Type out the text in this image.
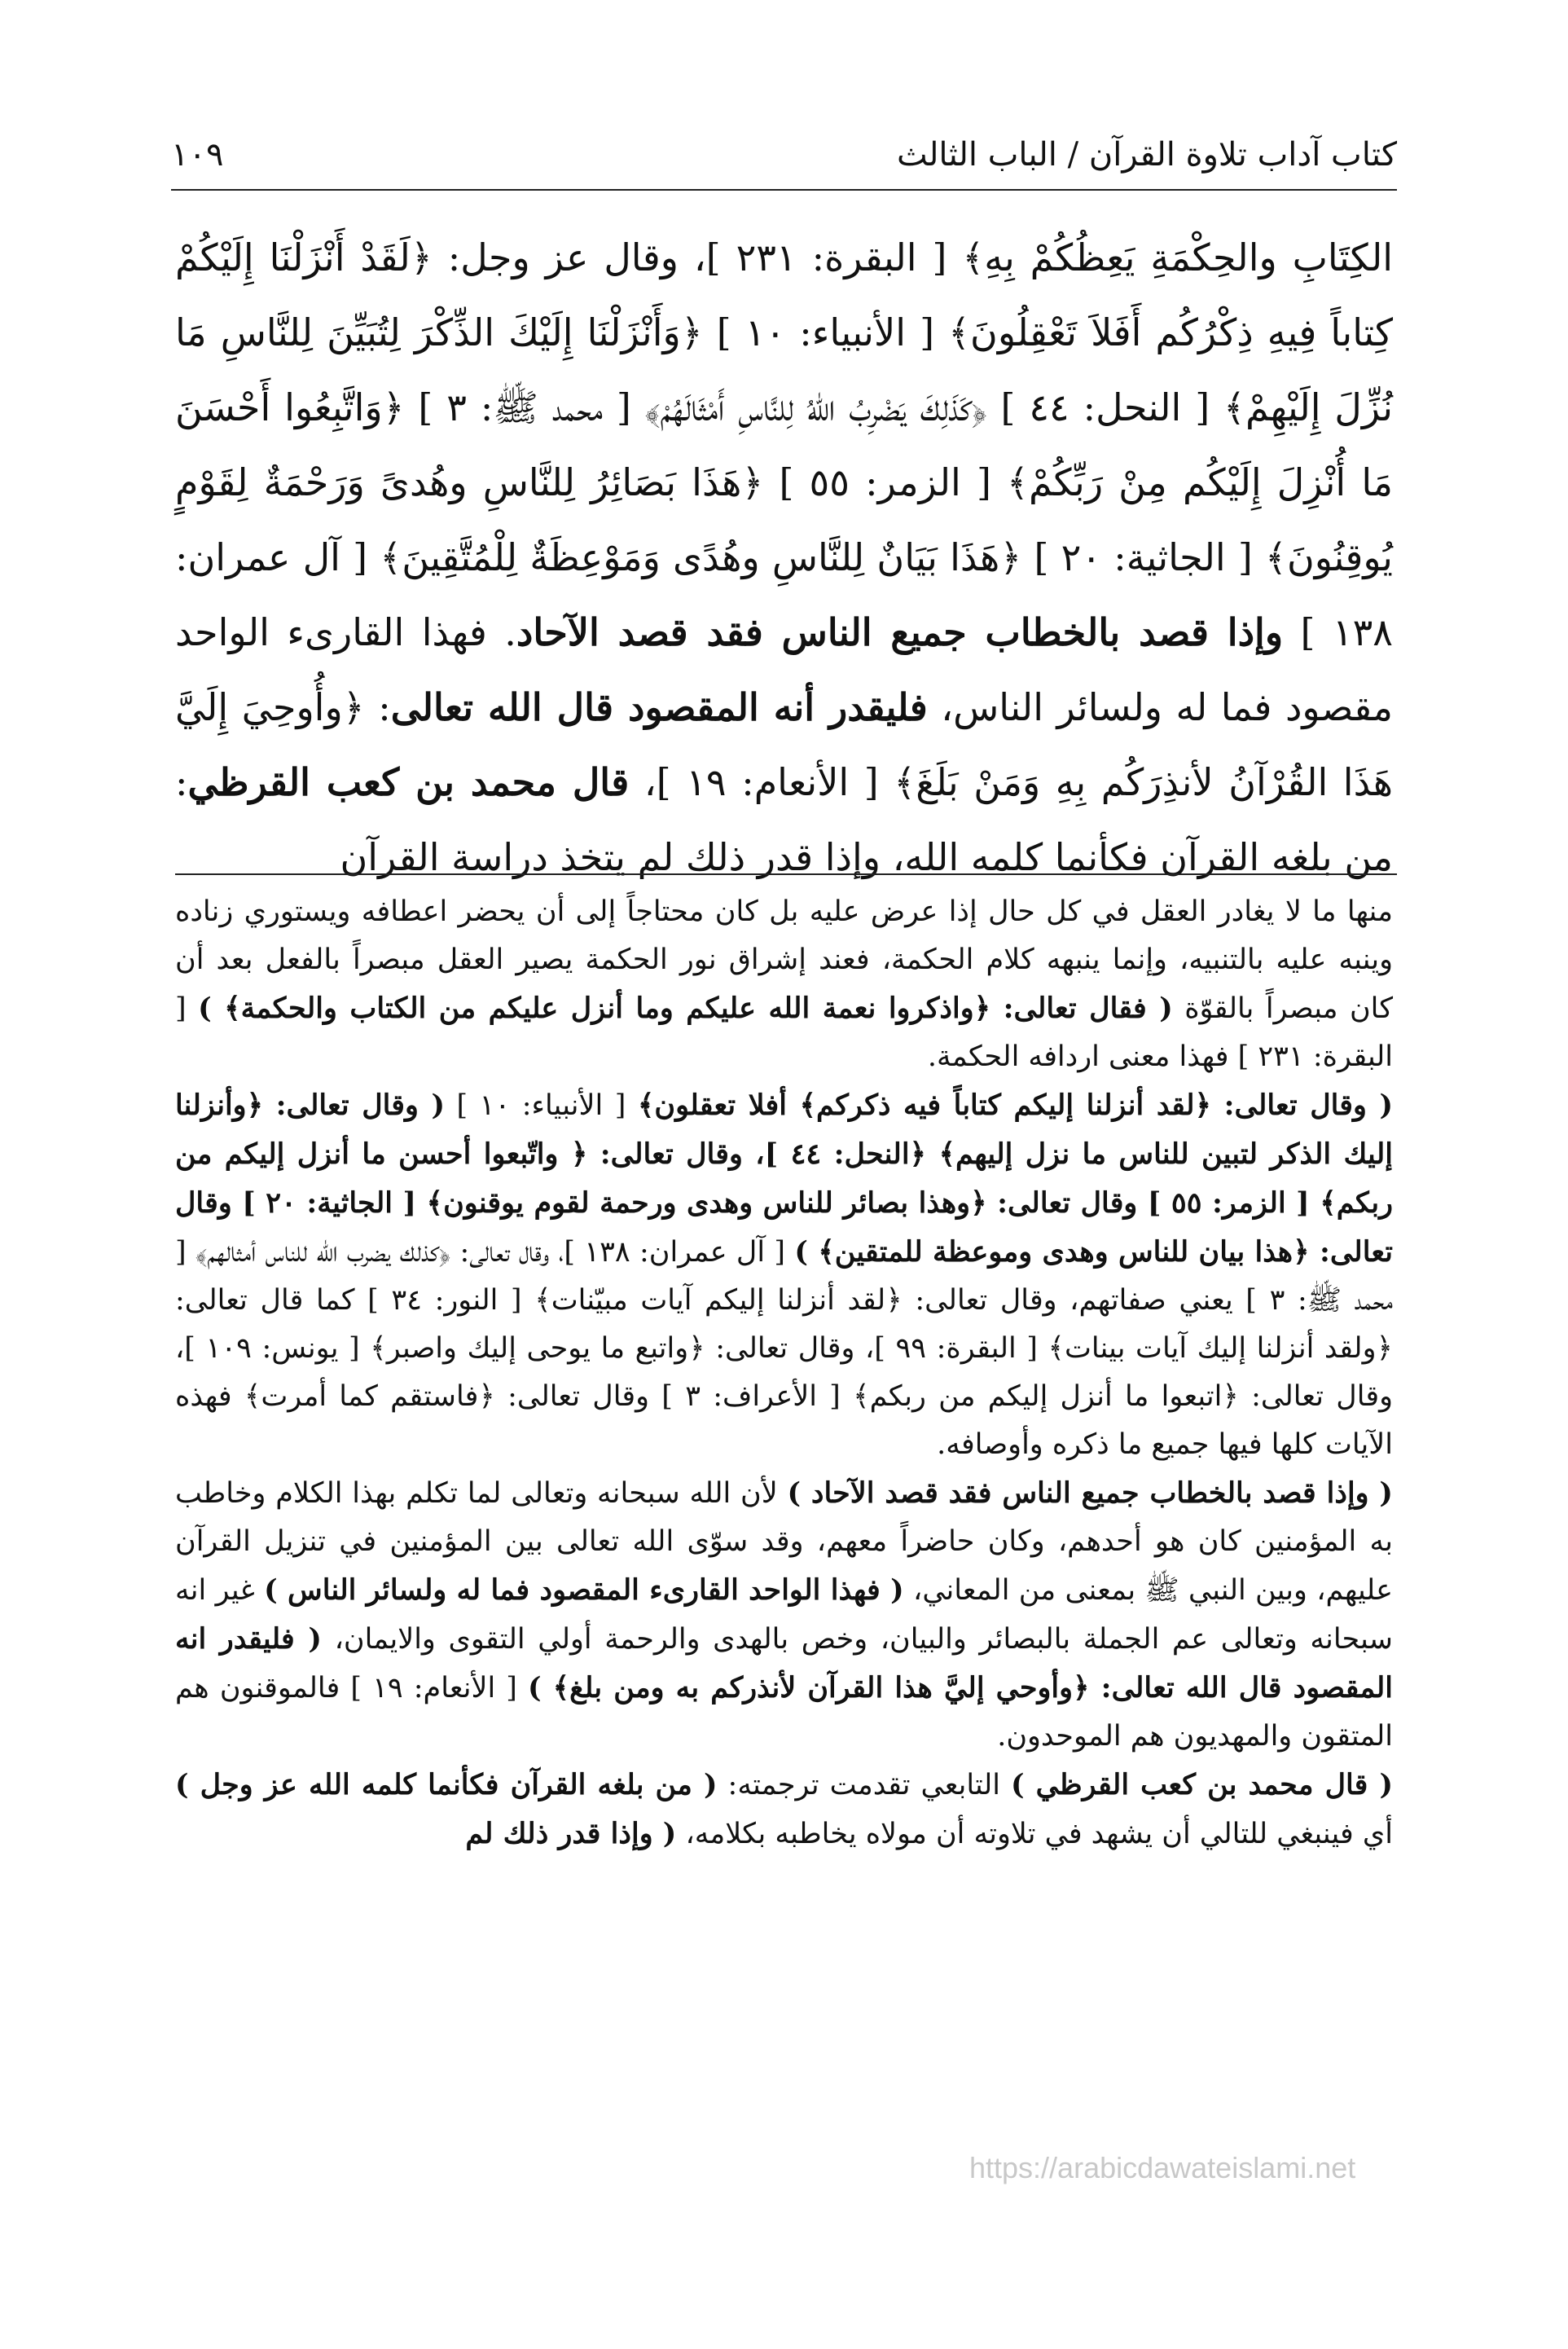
كتاب آداب تلاوة القرآن / الباب الثالث
١٠٩

الكِتَابِ والحِكْمَةِ يَعِظُكُمْ بِهِ﴾ [ البقرة: ٢٣١ ]، وقال عز وجل: ﴿لَقَدْ أَنْزَلْنَا إِلَيْكُمْ كِتاباً فِيهِ ذِكْرُكُم أَفَلاَ تَعْقِلُونَ﴾ [ الأنبياء: ١٠ ] ﴿وَأَنْزَلْنَا إِلَيْكَ الذِّكْرَ لِتُبَيِّنَ لِلنَّاسِ مَا نُزِّلَ إِلَيْهِمْ﴾ [ النحل: ٤٤ ] ﴿كَذَلِكَ يَضْرِبُ اللهُ لِلنَّاسِ أَمْثَالَهُمْ﴾ [ محمد ﷺ: ٣ ] ﴿وَاتَّبِعُوا أَحْسَنَ مَا أُنْزِلَ إِلَيْكُم مِنْ رَبِّكُمْ﴾ [ الزمر: ٥٥ ] ﴿هَذَا بَصَائِرُ لِلنَّاسِ وهُدىً وَرَحْمَةٌ لِقَوْمٍ يُوقِنُونَ﴾ [ الجاثية: ٢٠ ] ﴿هَذَا بَيَانٌ لِلنَّاسِ وهُدًى وَمَوْعِظَةٌ لِلْمُتَّقِينَ﴾ [ آل عمران: ١٣٨ ] وإذا قصد بالخطاب جميع الناس فقد قصد الآحاد. فهذا القارىء الواحد مقصود فما له ولسائر الناس، فليقدر أنه المقصود قال الله تعالى: ﴿وأُوحِيَ إِلَيَّ هَذَا القُرْآنُ لأنذِرَكُم بِهِ وَمَنْ بَلَغَ﴾ [ الأنعام: ١٩ ]، قال محمد بن كعب القرظي: من بلغه القرآن فكأنما كلمه الله، وإذا قدر ذلك لم يتخذ دراسة القرآن

منها ما لا يغادر العقل في كل حال إذا عرض عليه بل كان محتاجاً إلى أن يحضر اعطافه ويستوري زناده وينبه عليه بالتنبيه، وإنما ينبهه كلام الحكمة، فعند إشراق نور الحكمة يصير العقل مبصراً بالفعل بعد أن كان مبصراً بالقوّة ( فقال تعالى: ﴿واذكروا نعمة الله عليكم وما أنزل عليكم من الكتاب والحكمة﴾ ) [ البقرة: ٢٣١ ] فهذا معنى اردافه الحكمة.

( وقال تعالى: ﴿لقد أنزلنا إليكم كتاباً فيه ذكركم﴾ أفلا تعقلون﴾ [ الأنبياء: ١٠ ] ( وقال تعالى: ﴿وأنزلنا إليك الذكر لتبين للناس ما نزل إليهم﴾ ﴿النحل: ٤٤ ]، وقال تعالى: ﴿ واتّبعوا أحسن ما أنزل إليكم من ربكم﴾ [ الزمر: ٥٥ ] وقال تعالى: ﴿وهذا بصائر للناس وهدى ورحمة لقوم يوقنون﴾ [ الجاثية: ٢٠ ] وقال تعالى: ﴿هذا بيان للناس وهدى وموعظة للمتقين﴾ ) [ آل عمران: ١٣٨ ]، وقال تعالى: ﴿كذلك يضرب الله للناس أمثالهم﴾ [ محمد ﷺ: ٣ ] يعني صفاتهم، وقال تعالى: ﴿لقد أنزلنا إليكم آيات مبيّنات﴾ [ النور: ٣٤ ] كما قال تعالى: ﴿ولقد أنزلنا إليك آيات بينات﴾ [ البقرة: ٩٩ ]، وقال تعالى: ﴿واتبع ما يوحى إليك واصبر﴾ [ يونس: ١٠٩ ]، وقال تعالى: ﴿اتبعوا ما أنزل إليكم من ربكم﴾ [ الأعراف: ٣ ] وقال تعالى: ﴿فاستقم كما أمرت﴾ فهذه الآيات كلها فيها جميع ما ذكره وأوصافه.

( وإذا قصد بالخطاب جميع الناس فقد قصد الآحاد ) لأن الله سبحانه وتعالى لما تكلم بهذا الكلام وخاطب به المؤمنين كان هو أحدهم، وكان حاضراً معهم، وقد سوّى الله تعالى بين المؤمنين في تنزيل القرآن عليهم، وبين النبي ﷺ بمعنى من المعاني، ( فهذا الواحد القارىء المقصود فما له ولسائر الناس ) غير انه سبحانه وتعالى عم الجملة بالبصائر والبيان، وخص بالهدى والرحمة أولي التقوى والايمان، ( فليقدر انه المقصود قال الله تعالى: ﴿وأوحي إليَّ هذا القرآن لأنذركم به ومن بلغ﴾ ) [ الأنعام: ١٩ ] فالموقنون هم المتقون والمهديون هم الموحدون.

( قال محمد بن كعب القرظي ) التابعي تقدمت ترجمته: ( من بلغه القرآن فكأنما كلمه الله عز وجل ) أي فينبغي للتالي أن يشهد في تلاوته أن مولاه يخاطبه بكلامه، ( وإذا قدر ذلك لم

https://arabicdawateislami.net
